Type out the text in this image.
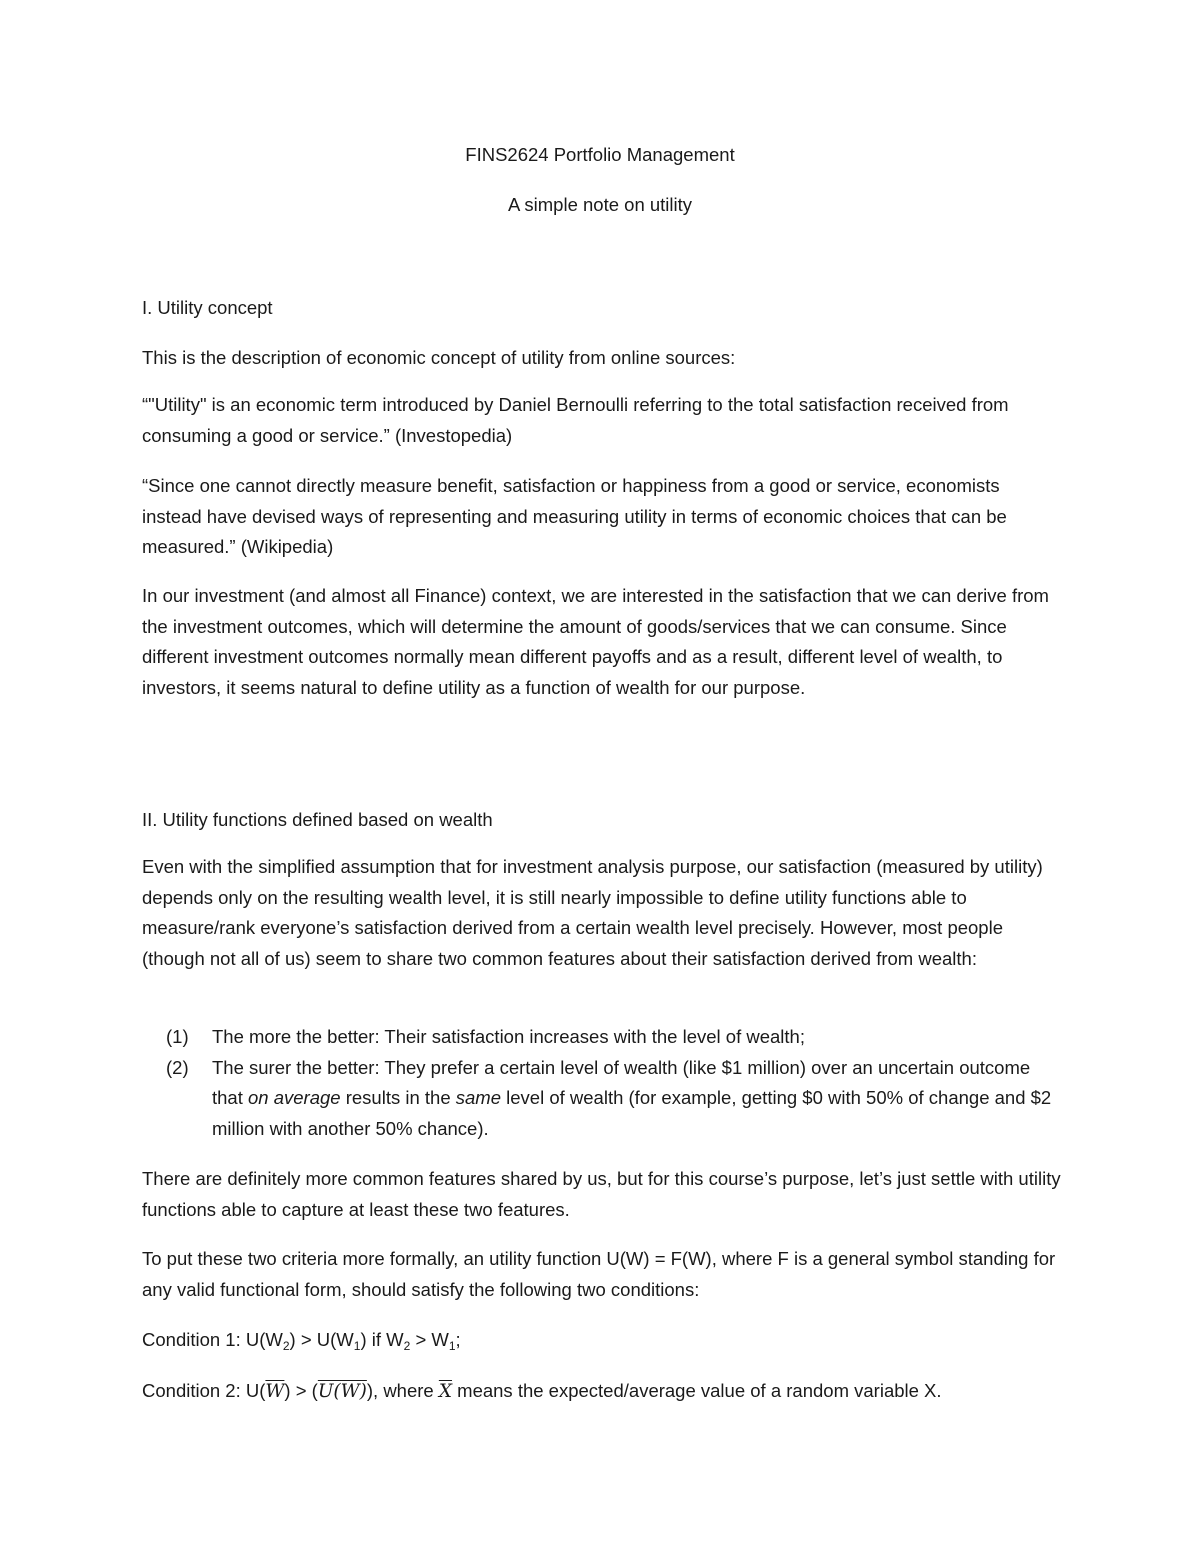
FINS2624 Portfolio Management
A simple note on utility
I. Utility concept
This is the description of economic concept of utility from online sources:
“"Utility" is an economic term introduced by Daniel Bernoulli referring to the total satisfaction received from consuming a good or service.” (Investopedia)
“Since one cannot directly measure benefit, satisfaction or happiness from a good or service, economists instead have devised ways of representing and measuring utility in terms of economic choices that can be measured.” (Wikipedia)
In our investment (and almost all Finance) context, we are interested in the satisfaction that we can derive from the investment outcomes, which will determine the amount of goods/services that we can consume. Since different investment outcomes normally mean different payoffs and as a result, different level of wealth, to investors, it seems natural to define utility as a function of wealth for our purpose.
II. Utility functions defined based on wealth
Even with the simplified assumption that for investment analysis purpose, our satisfaction (measured by utility) depends only on the resulting wealth level, it is still nearly impossible to define utility functions able to measure/rank everyone’s satisfaction derived from a certain wealth level precisely. However, most people (though not all of us) seem to share two common features about their satisfaction derived from wealth:
(1) The more the better: Their satisfaction increases with the level of wealth;
(2) The surer the better: They prefer a certain level of wealth (like $1 million) over an uncertain outcome that on average results in the same level of wealth (for example, getting $0 with 50% of change and $2 million with another 50% chance).
There are definitely more common features shared by us, but for this course’s purpose, let’s just settle with utility functions able to capture at least these two features.
To put these two criteria more formally, an utility function U(W) = F(W), where F is a general symbol standing for any valid functional form, should satisfy the following two conditions:
Condition 1: $U(W_2) > U(W_1)$ if $W_2 > W_1$;
Condition 2: $U(\overline{W}) > (U(W))$, where $\overline{X}$ means the expected/average value of a random variable X.
